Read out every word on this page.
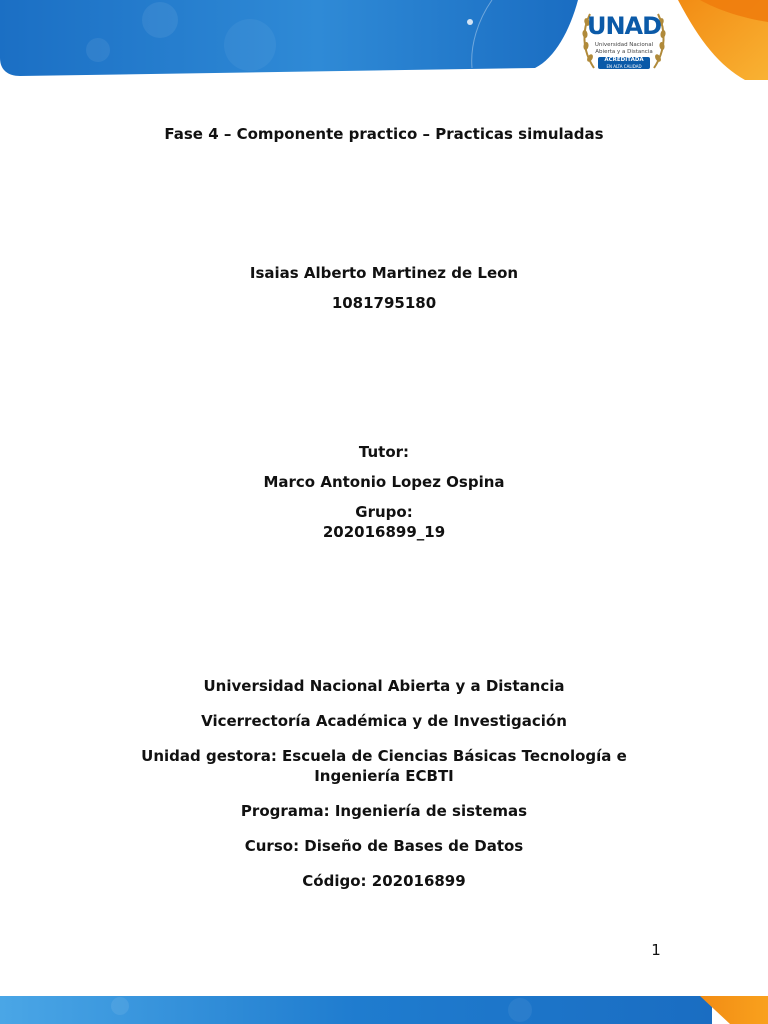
UNAD
Universidad Nacional
Abierta y a Distancia
ACREDITADA
EN ALTA CALIDAD

Fase 4 – Componente practico – Practicas simuladas

Isaias Alberto Martinez de Leon

1081795180

Tutor:

Marco Antonio Lopez Ospina

Grupo:

202016899_19

Universidad Nacional Abierta y a Distancia

Vicerrectoría Académica y de Investigación

Unidad gestora: Escuela de Ciencias Básicas Tecnología e

Ingeniería ECBTI

Programa: Ingeniería de sistemas

Curso: Diseño de Bases de Datos

Código: 202016899

1
